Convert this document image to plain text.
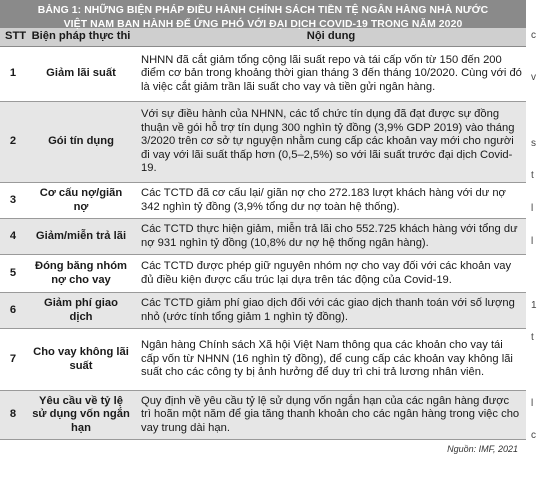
BẢNG 1: NHỮNG BIỆN PHÁP ĐIỀU HÀNH CHÍNH SÁCH TIỀN TỆ NGÂN HÀNG NHÀ NƯỚC
VIỆT NAM BAN HÀNH ĐỂ ỨNG PHÓ VỚI ĐẠI DỊCH COVID-19 TRONG NĂM 2020
STT	Biện pháp thực thi	Nội dung
1	Giảm lãi suất	NHNN đã cắt giảm tổng cộng lãi suất repo và tái cấp vốn từ 150 đến 200 điểm cơ bản trong khoảng thời gian tháng 3 đến tháng 10/2020. Cùng với đó là việc cắt giảm trần lãi suất cho vay và tiền gửi ngân hàng.
2	Gói tín dụng	Với sự điều hành của NHNN, các tổ chức tín dụng đã đạt được sự đồng thuận về gói hỗ trợ tín dụng 300 nghìn tỷ đồng (3,9% GDP 2019) vào tháng 3/2020 trên cơ sở tự nguyện nhằm cung cấp các khoản vay mới cho người đi vay với lãi suất thấp hơn (0,5–2,5%) so với lãi suất trước đại dịch Covid-19.
3	Cơ cấu nợ/giãn nợ	Các TCTD đã cơ cấu lại/ giãn nợ cho 272.183 lượt khách hàng với dư nợ 342 nghìn tỷ đồng (3,9% tổng dư nợ toàn hệ thống).
4	Giảm/miễn trả lãi	Các TCTD thực hiện giảm, miễn trả lãi cho 552.725 khách hàng với tổng dư nợ 931 nghìn tỷ đồng (10,8% dư nợ hệ thống ngân hàng).
5	Đóng băng nhóm nợ cho vay	Các TCTD được phép giữ nguyên nhóm nợ cho vay đối với các khoản vay đủ điều kiện được cấu trúc lại dựa trên tác động của Covid-19.
6	Giảm phí giao dịch	Các TCTD giảm phí giao dịch đối với các giao dịch thanh toán với số lượng nhỏ (ước tính tổng giảm 1 nghìn tỷ đồng).
7	Cho vay không lãi suất	Ngân hàng Chính sách Xã hội Việt Nam thông qua các khoản cho vay tái cấp vốn từ NHNN (16 nghìn tỷ đồng), để cung cấp các khoản vay không lãi suất cho các công ty bị ảnh hưởng để duy trì chi trả lương nhân viên.
8	Yêu cầu về tỷ lệ sử dụng vốn ngắn hạn	Quy định về yêu cầu tỷ lệ sử dụng vốn ngắn hạn của các ngân hàng được trì hoãn một năm để gia tăng thanh khoản cho các ngân hàng trong việc cho vay trung dài hạn.
Nguồn: IMF, 2021
c
v
s
t
l
l
1
t
l
c
